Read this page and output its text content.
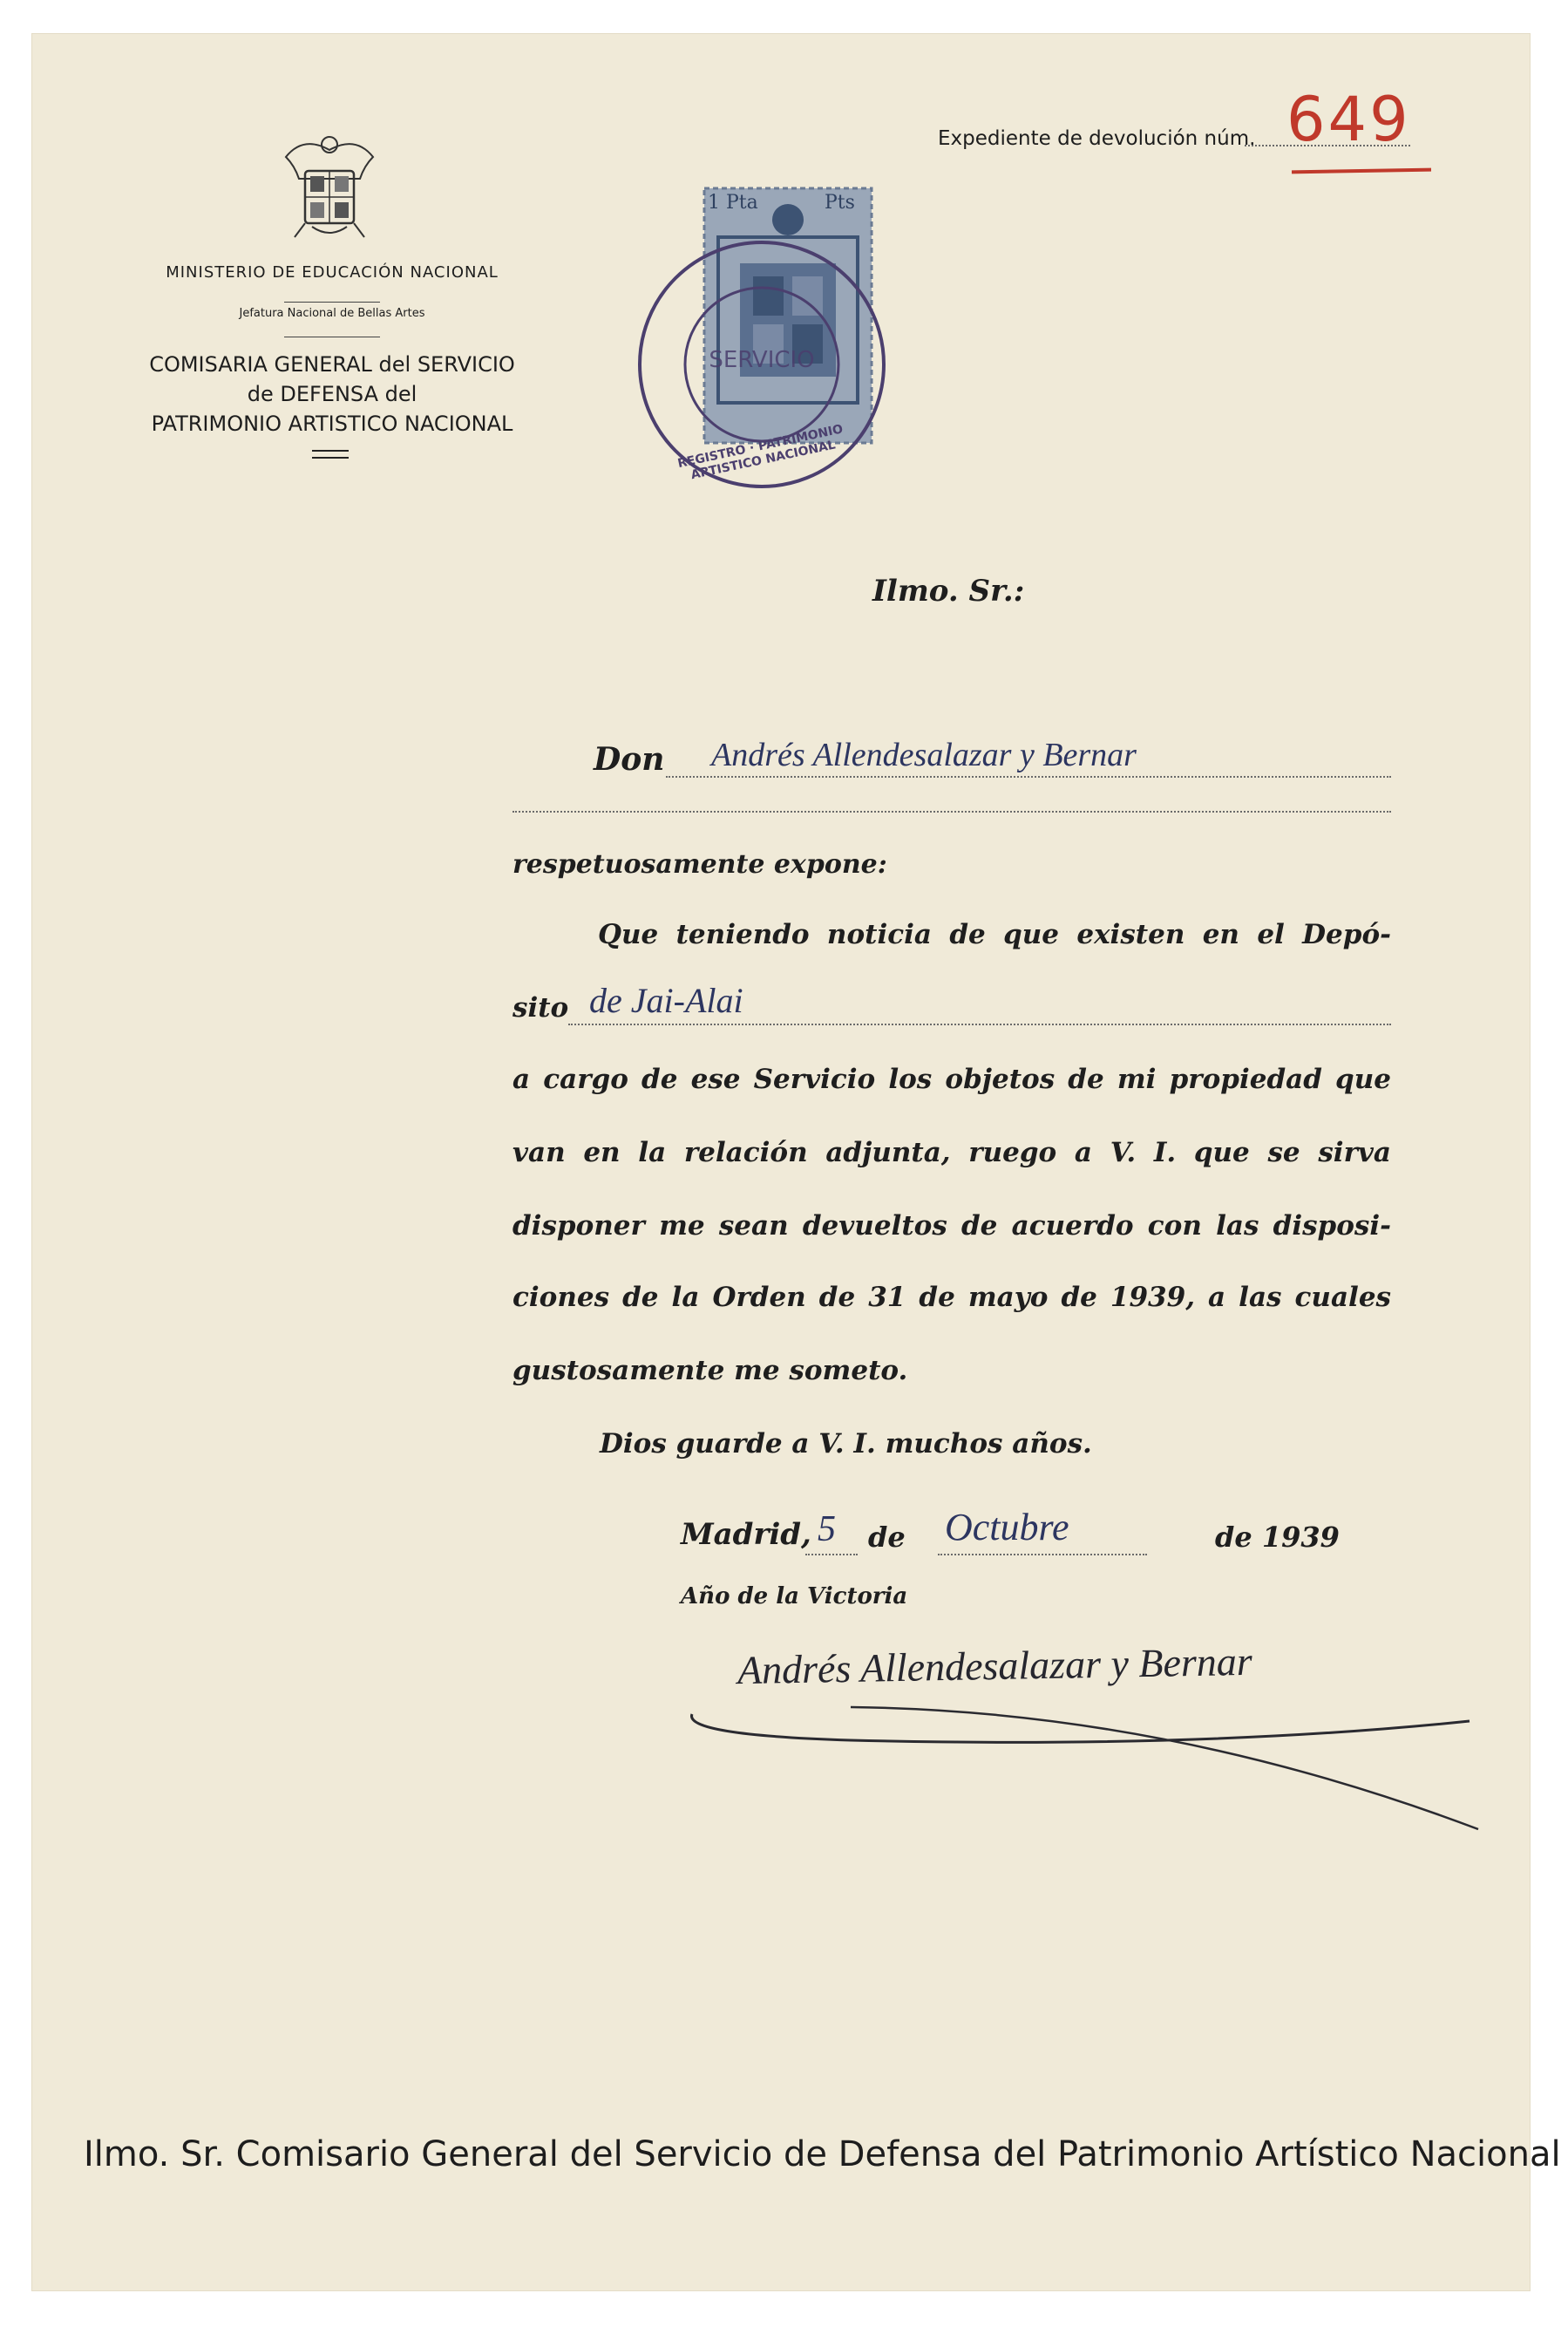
MINISTERIO DE EDUCACIÓN NACIONAL
Jefatura Nacional de Bellas Artes
COMISARIA GENERAL del SERVICIO
de DEFENSA del
PATRIMONIO ARTISTICO NACIONAL
Expediente de devolución núm. 649
1 Pta	Pts
REGISTRO · PATRIMONIO ARTISTICO NACIONAL
SERVICIO
Ilmo. Sr.:
Don Andrés Allendesalazar y Bernar
respetuosamente expone:
Que teniendo noticia de que existen en el Depó-
sito de Jai-Alai
a cargo de ese Servicio los objetos de mi propiedad que
van en la relación adjunta, ruego a V. I. que se sirva
disponer me sean devueltos de acuerdo con las disposi-
ciones de la Orden de 31 de mayo de 1939, a las cuales
gustosamente me someto.
Dios guarde a V. I. muchos años.
Madrid, 5 de Octubre	de 1939
Año de la Victoria
Andrés Allendesalazar y Bernar
Ilmo. Sr. Comisario General del Servicio de Defensa del Patrimonio Artístico Nacional
